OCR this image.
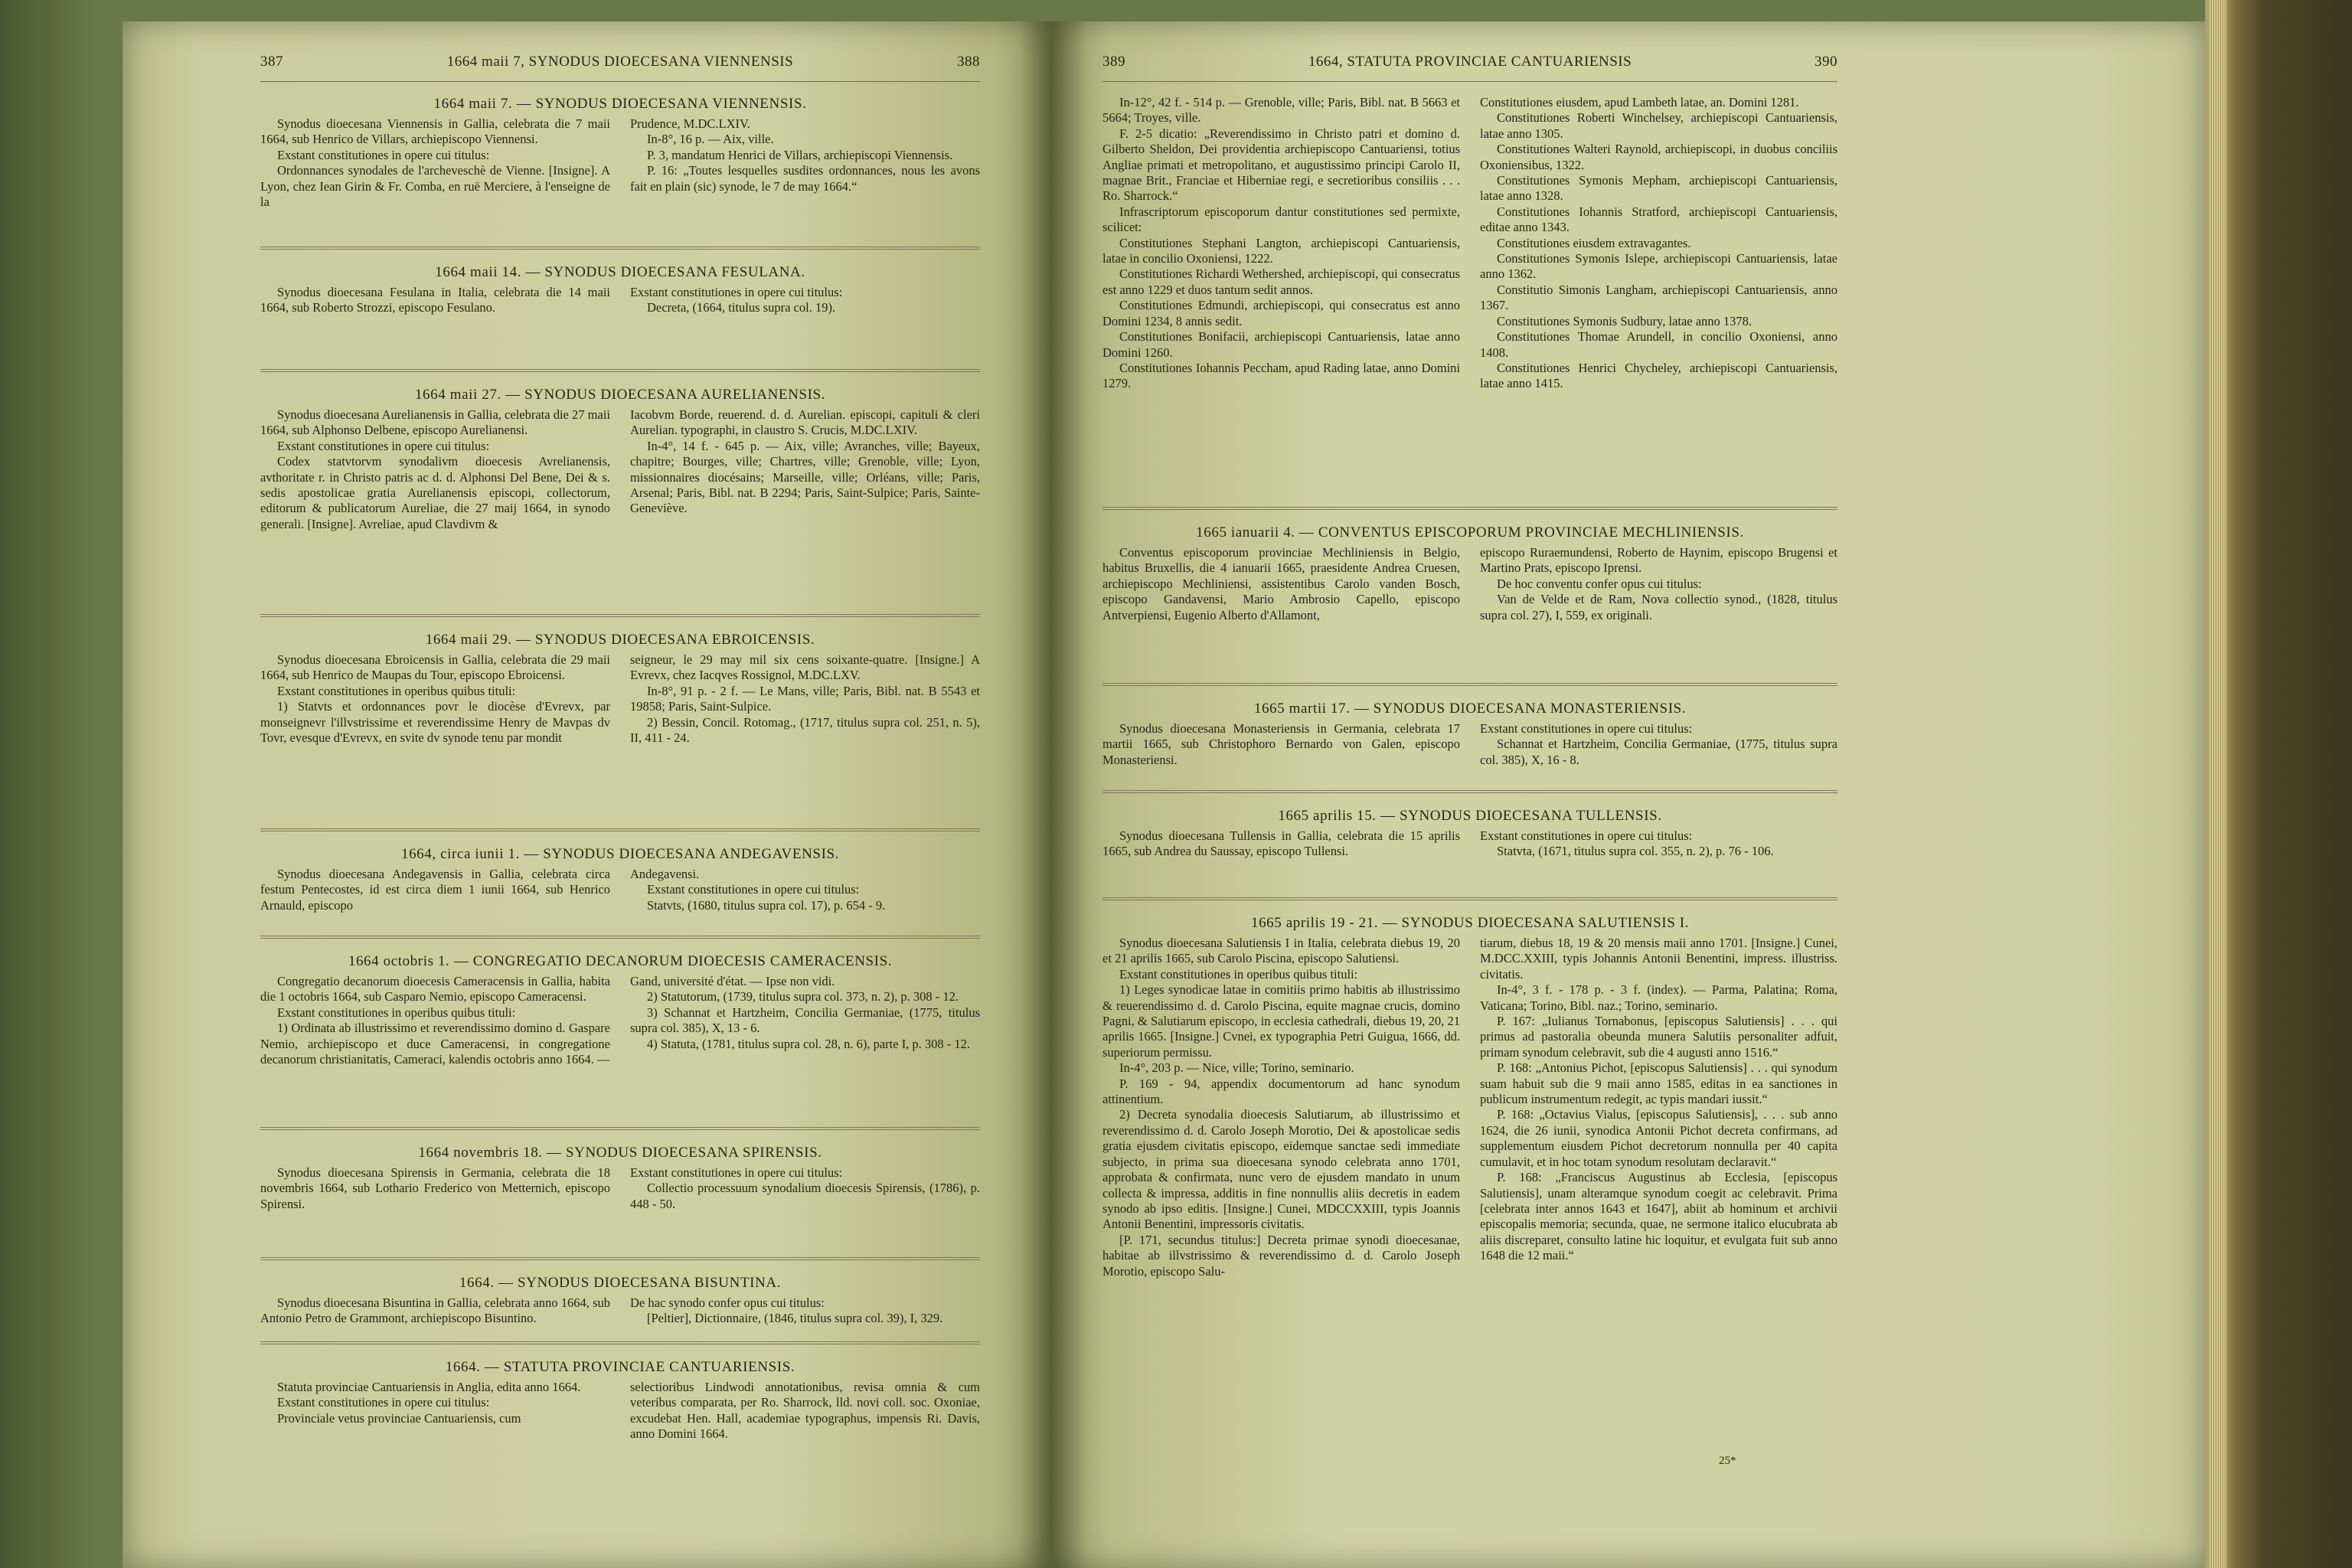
387	1664 maii 7, SYNODUS DIOECESANA VIENNENSIS	388	389	1664, STATUTA PROVINCIAE CANTUARIENSIS	390
1664 maii 7. — SYNODUS DIOECESANA VIENNENSIS.

Synodus dioecesana Viennensis in Gallia, celebrata die 7 maii 1664, sub Henrico de Villars, archiepiscopo Viennensi.

Exstant constitutiones in opere cui titulus:

Ordonnances synodales de l'archeveschè de Vienne. [Insigne]. A Lyon, chez Iean Girin & Fr. Comba, en ruë Merciere, à l'enseigne de la

Prudence, M.DC.LXIV.

In-8°, 16 p. — Aix, ville.

P. 3, mandatum Henrici de Villars, archiepiscopi Viennensis.

P. 16: „Toutes lesquelles susdites ordonnances, nous les avons fait en plain (sic) synode, le 7 de may 1664.“

1664 maii 14. — SYNODUS DIOECESANA FESULANA.

Synodus dioecesana Fesulana in Italia, celebrata die 14 maii 1664, sub Roberto Strozzi, episcopo Fesulano.

Exstant constitutiones in opere cui titulus:

Decreta, (1664, titulus supra col. 19).

1664 maii 27. — SYNODUS DIOECESANA AURELIANENSIS.

Synodus dioecesana Aurelianensis in Gallia, celebrata die 27 maii 1664, sub Alphonso Delbene, episcopo Aurelianensi.

Exstant constitutiones in opere cui titulus:

Codex statvtorvm synodalivm dioecesis Avrelianensis, avthoritate r. in Christo patris ac d. d. Alphonsi Del Bene, Dei & s. sedis apostolicae gratia Aurelianensis episcopi, collectorum, editorum & publicatorum Aureliae, die 27 maij 1664, in synodo generali. [Insigne]. Avreliae, apud Clavdivm &

Iacobvm Borde, reuerend. d. d. Aurelian. episcopi, capituli & cleri Aurelian. typographi, in claustro S. Crucis, M.DC.LXIV.

In-4°, 14 f. - 645 p. — Aix, ville; Avranches, ville; Bayeux, chapitre; Bourges, ville; Chartres, ville; Grenoble, ville; Lyon, missionnaires diocésains; Marseille, ville; Orléans, ville; Paris, Arsenal; Paris, Bibl. nat. B 2294; Paris, Saint-Sulpice; Paris, Sainte-Geneviève.

1664 maii 29. — SYNODUS DIOECESANA EBROICENSIS.

Synodus dioecesana Ebroicensis in Gallia, celebrata die 29 maii 1664, sub Henrico de Maupas du Tour, episcopo Ebroicensi.

Exstant constitutiones in operibus quibus tituli:

1) Statvts et ordonnances povr le diocèse d'Evrevx, par monseignevr l'illvstrissime et reverendissime Henry de Mavpas dv Tovr, evesque d'Evrevx, en svite dv synode tenu par mondit

seigneur, le 29 may mil six cens soixante-quatre. [Insigne.] A Evrevx, chez Iacqves Rossignol, M.DC.LXV.

In-8°, 91 p. - 2 f. — Le Mans, ville; Paris, Bibl. nat. B 5543 et 19858; Paris, Saint-Sulpice.

2) Bessin, Concil. Rotomag., (1717, titulus supra col. 251, n. 5), II, 411 - 24.

1664, circa iunii 1. — SYNODUS DIOECESANA ANDEGAVENSIS.

Synodus dioecesana Andegavensis in Gallia, celebrata circa festum Pentecostes, id est circa diem 1 iunii 1664, sub Henrico Arnauld, episcopo

Andegavensi.

Exstant constitutiones in opere cui titulus:

Statvts, (1680, titulus supra col. 17), p. 654 - 9.

1664 octobris 1. — CONGREGATIO DECANORUM DIOECESIS CAMERACENSIS.

Congregatio decanorum dioecesis Cameracensis in Gallia, habita die 1 octobris 1664, sub Casparo Nemio, episcopo Cameracensi.

Exstant constitutiones in operibus quibus tituli:

1) Ordinata ab illustrissimo et reverendissimo domino d. Gaspare Nemio, archiepiscopo et duce Cameracensi, in congregatione decanorum christianitatis, Cameraci, kalendis octobris anno 1664. —

Gand, université d'état. — Ipse non vidi.

2) Statutorum, (1739, titulus supra col. 373, n. 2), p. 308 - 12.

3) Schannat et Hartzheim, Concilia Germaniae, (1775, titulus supra col. 385), X, 13 - 6.

4) Statuta, (1781, titulus supra col. 28, n. 6), parte I, p. 308 - 12.

1664 novembris 18. — SYNODUS DIOECESANA SPIRENSIS.

Synodus dioecesana Spirensis in Germania, celebrata die 18 novembris 1664, sub Lothario Frederico von Metternich, episcopo Spirensi.

Exstant constitutiones in opere cui titulus:

Collectio processuum synodalium dioecesis Spirensis, (1786), p. 448 - 50.

1664. — SYNODUS DIOECESANA BISUNTINA.

Synodus dioecesana Bisuntina in Gallia, celebrata anno 1664, sub Antonio Petro de Grammont, archiepiscopo Bisuntino.

De hac synodo confer opus cui titulus:

[Peltier], Dictionnaire, (1846, titulus supra col. 39), I, 329.

1664. — STATUTA PROVINCIAE CANTUARIENSIS.

Statuta provinciae Cantuariensis in Anglia, edita anno 1664.

Exstant constitutiones in opere cui titulus:

Provinciale vetus provinciae Cantuariensis, cum

selectioribus Lindwodi annotationibus, revisa omnia & cum veteribus comparata, per Ro. Sharrock, lld. novi coll. soc. Oxoniae, excudebat Hen. Hall, academiae typographus, impensis Ri. Davis, anno Domini 1664.

In-12°, 42 f. - 514 p. — Grenoble, ville; Paris, Bibl. nat. B 5663 et 5664; Troyes, ville.

F. 2-5 dicatio: „Reverendissimo in Christo patri et domino d. Gilberto Sheldon, Dei providentia archiepiscopo Cantuariensi, totius Angliae primati et metropolitano, et augustissimo principi Carolo II, magnae Brit., Franciae et Hiberniae regi, e secretioribus consiliis . . . Ro. Sharrock.“

Infrascriptorum episcoporum dantur constitutiones sed permixte, scilicet:

Constitutiones Stephani Langton, archiepiscopi Cantuariensis, latae in concilio Oxoniensi, 1222.

Constitutiones Richardi Wethershed, archiepiscopi, qui consecratus est anno 1229 et duos tantum sedit annos.

Constitutiones Edmundi, archiepiscopi, qui consecratus est anno Domini 1234, 8 annis sedit.

Constitutiones Bonifacii, archiepiscopi Cantuariensis, latae anno Domini 1260.

Constitutiones Iohannis Peccham, apud Rading latae, anno Domini 1279.

Constitutiones eiusdem, apud Lambeth latae, an. Domini 1281.

Constitutiones Roberti Winchelsey, archiepiscopi Cantuariensis, latae anno 1305.

Constitutiones Walteri Raynold, archiepiscopi, in duobus conciliis Oxoniensibus, 1322.

Constitutiones Symonis Mepham, archiepiscopi Cantuariensis, latae anno 1328.

Constitutiones Iohannis Stratford, archiepiscopi Cantuariensis, editae anno 1343.

Constitutiones eiusdem extravagantes.

Constitutiones Symonis Islepe, archiepiscopi Cantuariensis, latae anno 1362.

Constitutio Simonis Langham, archiepiscopi Cantuariensis, anno 1367.

Constitutiones Symonis Sudbury, latae anno 1378.

Constitutiones Thomae Arundell, in concilio Oxoniensi, anno 1408.

Constitutiones Henrici Chycheley, archiepiscopi Cantuariensis, latae anno 1415.

1665 ianuarii 4. — CONVENTUS EPISCOPORUM PROVINCIAE MECHLINIENSIS.

Conventus episcoporum provinciae Mechliniensis in Belgio, habitus Bruxellis, die 4 ianuarii 1665, praesidente Andrea Cruesen, archiepiscopo Mechliniensi, assistentibus Carolo vanden Bosch, episcopo Gandavensi, Mario Ambrosio Capello, episcopo Antverpiensi, Eugenio Alberto d'Allamont,

episcopo Ruraemundensi, Roberto de Haynim, episcopo Brugensi et Martino Prats, episcopo Iprensi.

De hoc conventu confer opus cui titulus:

Van de Velde et de Ram, Nova collectio synod., (1828, titulus supra col. 27), I, 559, ex originali.

1665 martii 17. — SYNODUS DIOECESANA MONASTERIENSIS.

Synodus dioecesana Monasteriensis in Germania, celebrata 17 martii 1665, sub Christophoro Bernardo von Galen, episcopo Monasteriensi.

Exstant constitutiones in opere cui titulus:

Schannat et Hartzheim, Concilia Germaniae, (1775, titulus supra col. 385), X, 16 - 8.

1665 aprilis 15. — SYNODUS DIOECESANA TULLENSIS.

Synodus dioecesana Tullensis in Gallia, celebrata die 15 aprilis 1665, sub Andrea du Saussay, episcopo Tullensi.

Exstant constitutiones in opere cui titulus:

Statvta, (1671, titulus supra col. 355, n. 2), p. 76 - 106.

1665 aprilis 19 - 21. — SYNODUS DIOECESANA SALUTIENSIS I.

Synodus dioecesana Salutiensis I in Italia, celebrata diebus 19, 20 et 21 aprilis 1665, sub Carolo Piscina, episcopo Salutiensi.

Exstant constitutiones in operibus quibus tituli:

1) Leges synodicae latae in comitiis primo habitis ab illustrissimo & reuerendissimo d. d. Carolo Piscina, equite magnae crucis, domino Pagni, & Salutiarum episcopo, in ecclesia cathedrali, diebus 19, 20, 21 aprilis 1665. [Insigne.] Cvnei, ex typographia Petri Guigua, 1666, dd. superiorum permissu.

In-4°, 203 p. — Nice, ville; Torino, seminario.

P. 169 - 94, appendix documentorum ad hanc synodum attinentium.

2) Decreta synodalia dioecesis Salutiarum, ab illustrissimo et reverendissimo d. d. Carolo Joseph Morotio, Dei & apostolicae sedis gratia ejusdem civitatis episcopo, eidemque sanctae sedi immediate subjecto, in prima sua dioecesana synodo celebrata anno 1701, approbata & confirmata, nunc vero de ejusdem mandato in unum collecta & impressa, additis in fine nonnullis aliis decretis in eadem synodo ab ipso editis. [Insigne.] Cunei, MDCCXXIII, typis Joannis Antonii Benentini, impressoris civitatis.

[P. 171, secundus titulus:] Decreta primae synodi dioecesanae, habitae ab illvstrissimo & reverendissimo d. d. Carolo Joseph Morotio, episcopo Salu-

tiarum, diebus 18, 19 & 20 mensis maii anno 1701. [Insigne.] Cunei, M.DCC.XXIII, typis Johannis Antonii Benentini, impress. illustriss. civitatis.

In-4°, 3 f. - 178 p. - 3 f. (index). — Parma, Palatina; Roma, Vaticana; Torino, Bibl. naz.; Torino, seminario.

P. 167: „Iulianus Tornabonus, [episcopus Salutiensis] . . . qui primus ad pastoralia obeunda munera Salutiis personaliter adfuit, primam synodum celebravit, sub die 4 augusti anno 1516.“

P. 168: „Antonius Pichot, [episcopus Salutiensis] . . . qui synodum suam habuit sub die 9 maii anno 1585, editas in ea sanctiones in publicum instrumentum redegit, ac typis mandari iussit.“

P. 168: „Octavius Vialus, [episcopus Salutiensis], . . . sub anno 1624, die 26 iunii, synodica Antonii Pichot decreta confirmans, ad supplementum eiusdem Pichot decretorum nonnulla per 40 capita cumulavit, et in hoc totam synodum resolutam declaravit.“

P. 168: „Franciscus Augustinus ab Ecclesia, [episcopus Salutiensis], unam alteramque synodum coegit ac celebravit. Prima [celebrata inter annos 1643 et 1647], abiit ab hominum et archivii episcopalis memoria; secunda, quae, ne sermone italico elucubrata ab aliis discreparet, consulto latine hic loquitur, et evulgata fuit sub anno 1648 die 12 maii.“

25*
